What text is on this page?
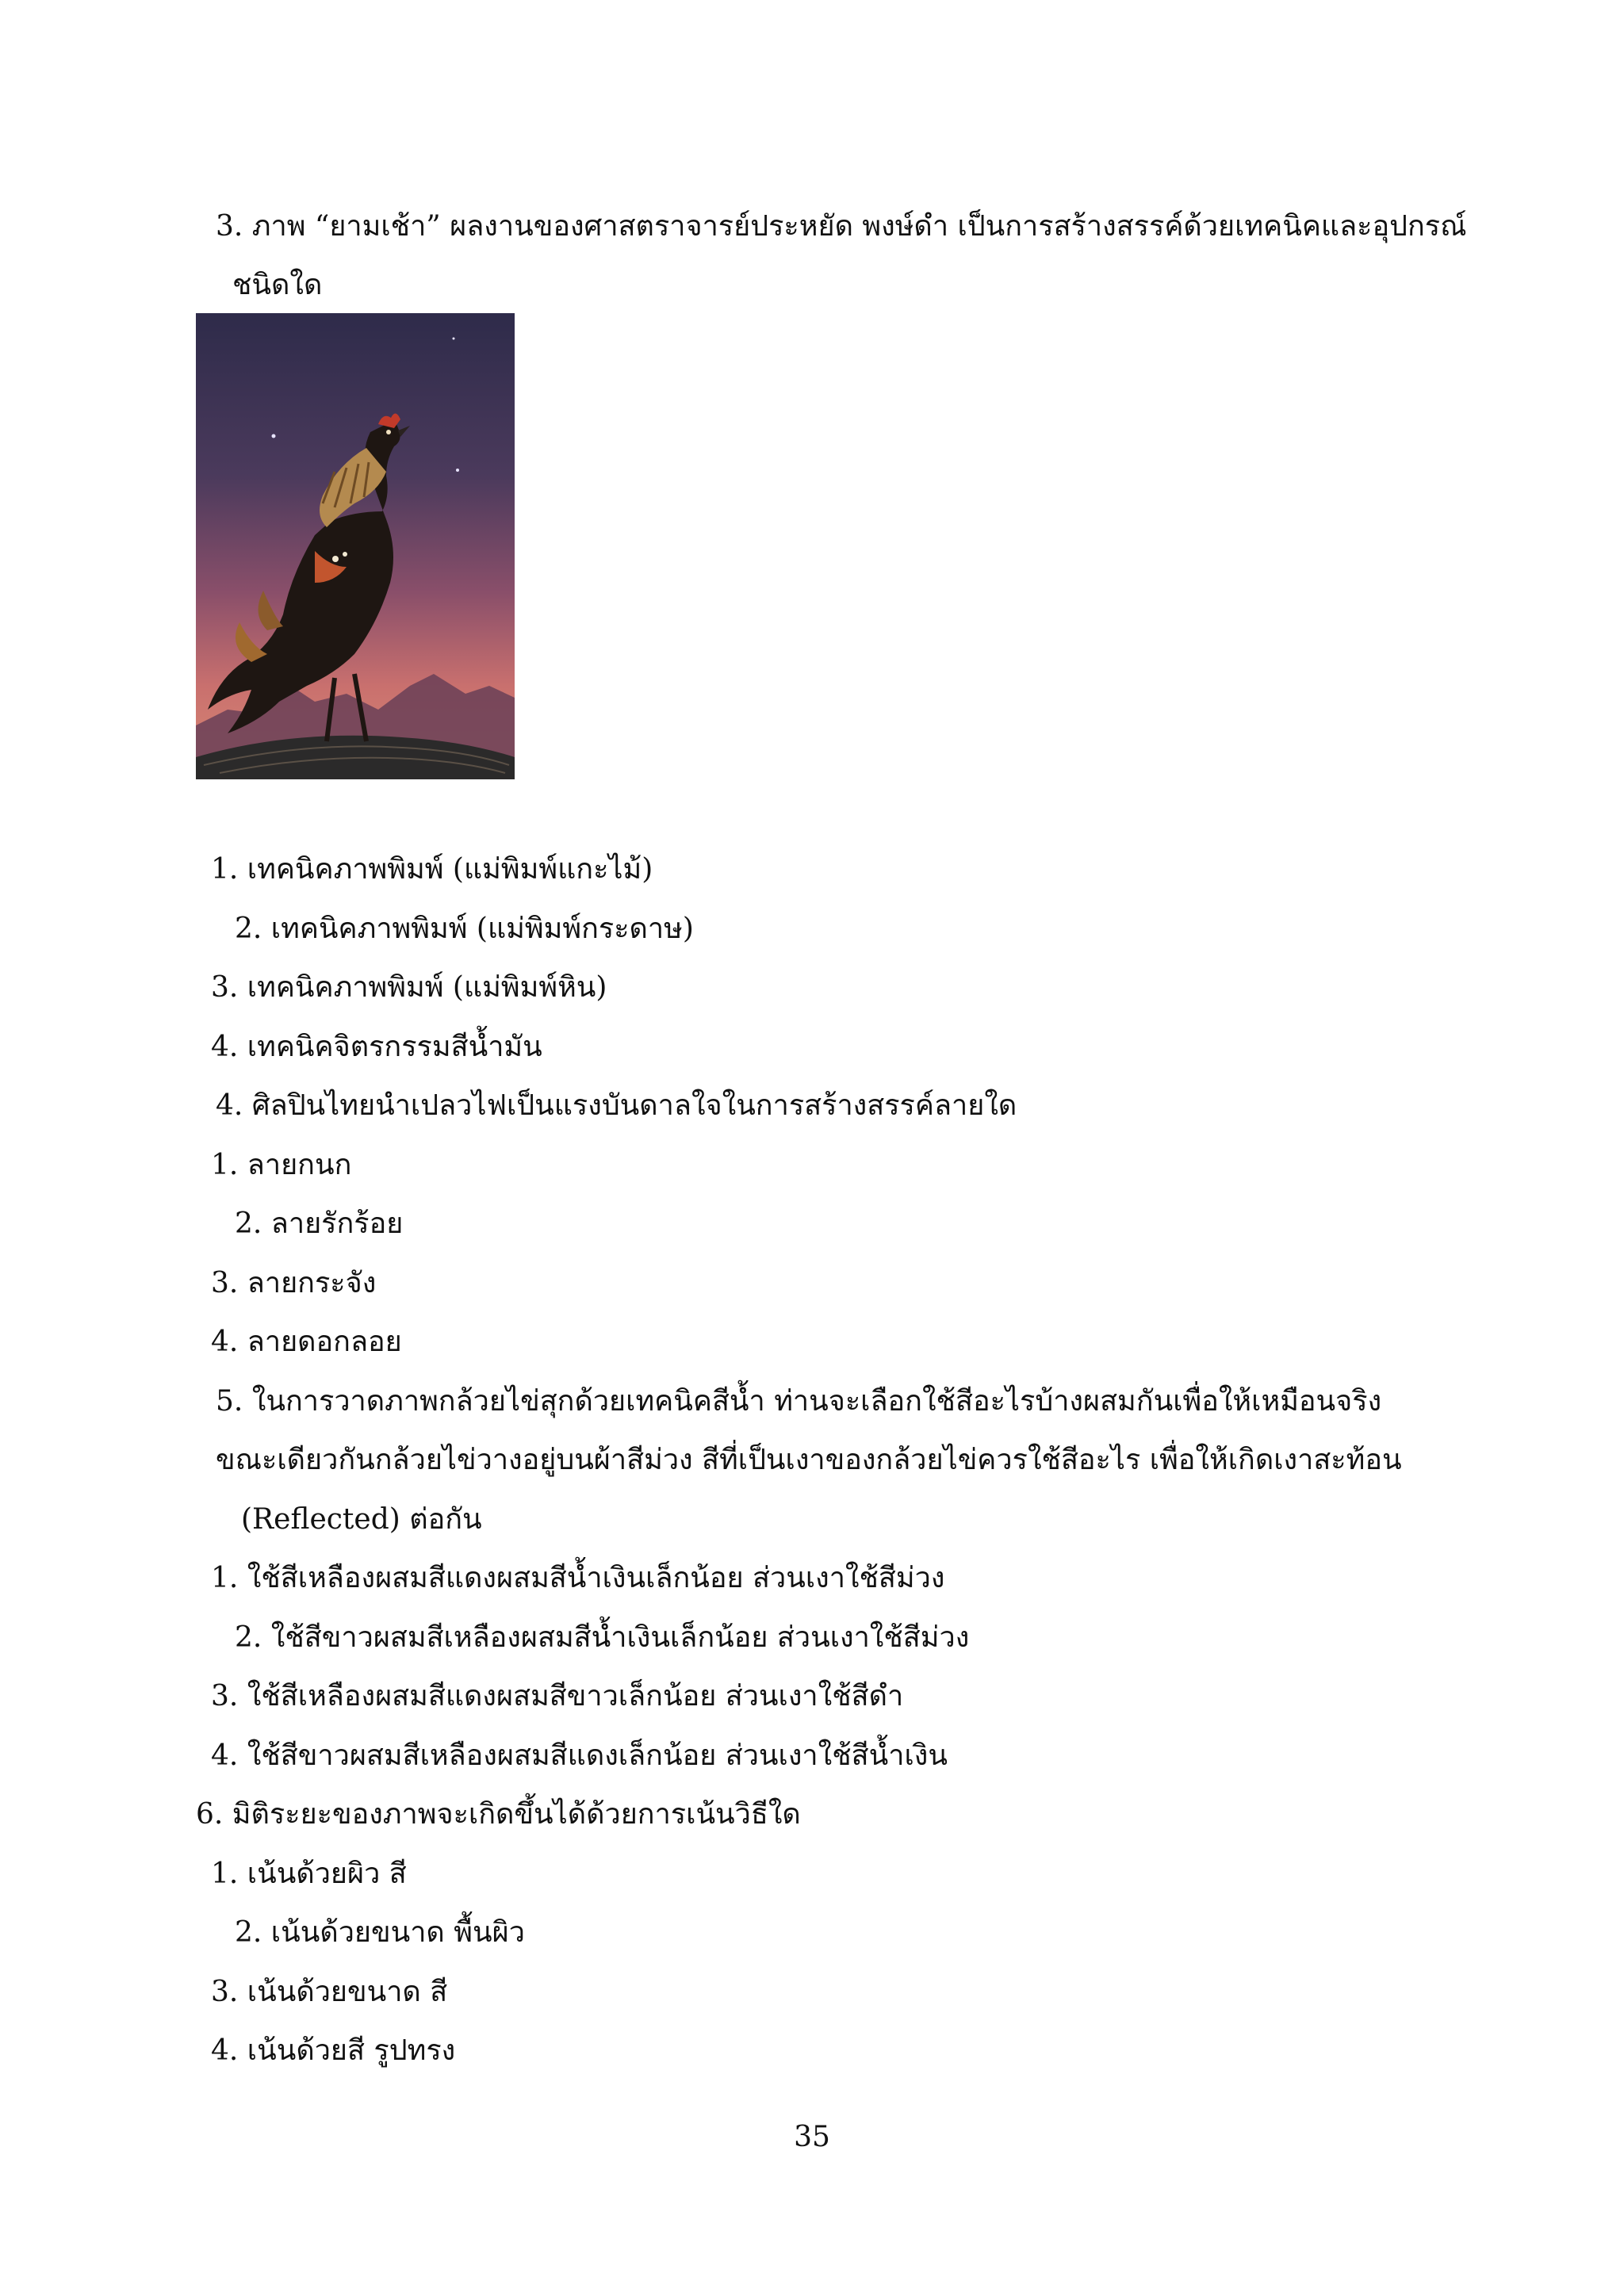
3. ภาพ “ยามเช้า” ผลงานของศาสตราจารย์ประหยัด พงษ์ดำ เป็นการสร้างสรรค์ด้วยเทคนิคและอุปกรณ์
ชนิดใด
1. เทคนิคภาพพิมพ์ (แม่พิมพ์แกะไม้)
2. เทคนิคภาพพิมพ์ (แม่พิมพ์กระดาษ)
3. เทคนิคภาพพิมพ์ (แม่พิมพ์หิน)
4. เทคนิคจิตรกรรมสีน้ำมัน
4. ศิลปินไทยนำเปลวไฟเป็นแรงบันดาลใจในการสร้างสรรค์ลายใด
1. ลายกนก
2. ลายรักร้อย
3. ลายกระจัง
4. ลายดอกลอย
5. ในการวาดภาพกล้วยไข่สุกด้วยเทคนิคสีน้ำ ท่านจะเลือกใช้สีอะไรบ้างผสมกันเพื่อให้เหมือนจริง
ขณะเดียวกันกล้วยไข่วางอยู่บนผ้าสีม่วง สีที่เป็นเงาของกล้วยไข่ควรใช้สีอะไร เพื่อให้เกิดเงาสะท้อน
(Reflected) ต่อกัน
1. ใช้สีเหลืองผสมสีแดงผสมสีน้ำเงินเล็กน้อย ส่วนเงาใช้สีม่วง
2. ใช้สีขาวผสมสีเหลืองผสมสีน้ำเงินเล็กน้อย ส่วนเงาใช้สีม่วง
3. ใช้สีเหลืองผสมสีแดงผสมสีขาวเล็กน้อย ส่วนเงาใช้สีดำ
4. ใช้สีขาวผสมสีเหลืองผสมสีแดงเล็กน้อย ส่วนเงาใช้สีน้ำเงิน
6. มิติระยะของภาพจะเกิดขึ้นได้ด้วยการเน้นวิธีใด
1. เน้นด้วยผิว สี
2. เน้นด้วยขนาด พื้นผิว
3. เน้นด้วยขนาด สี
4. เน้นด้วยสี รูปทรง
35
